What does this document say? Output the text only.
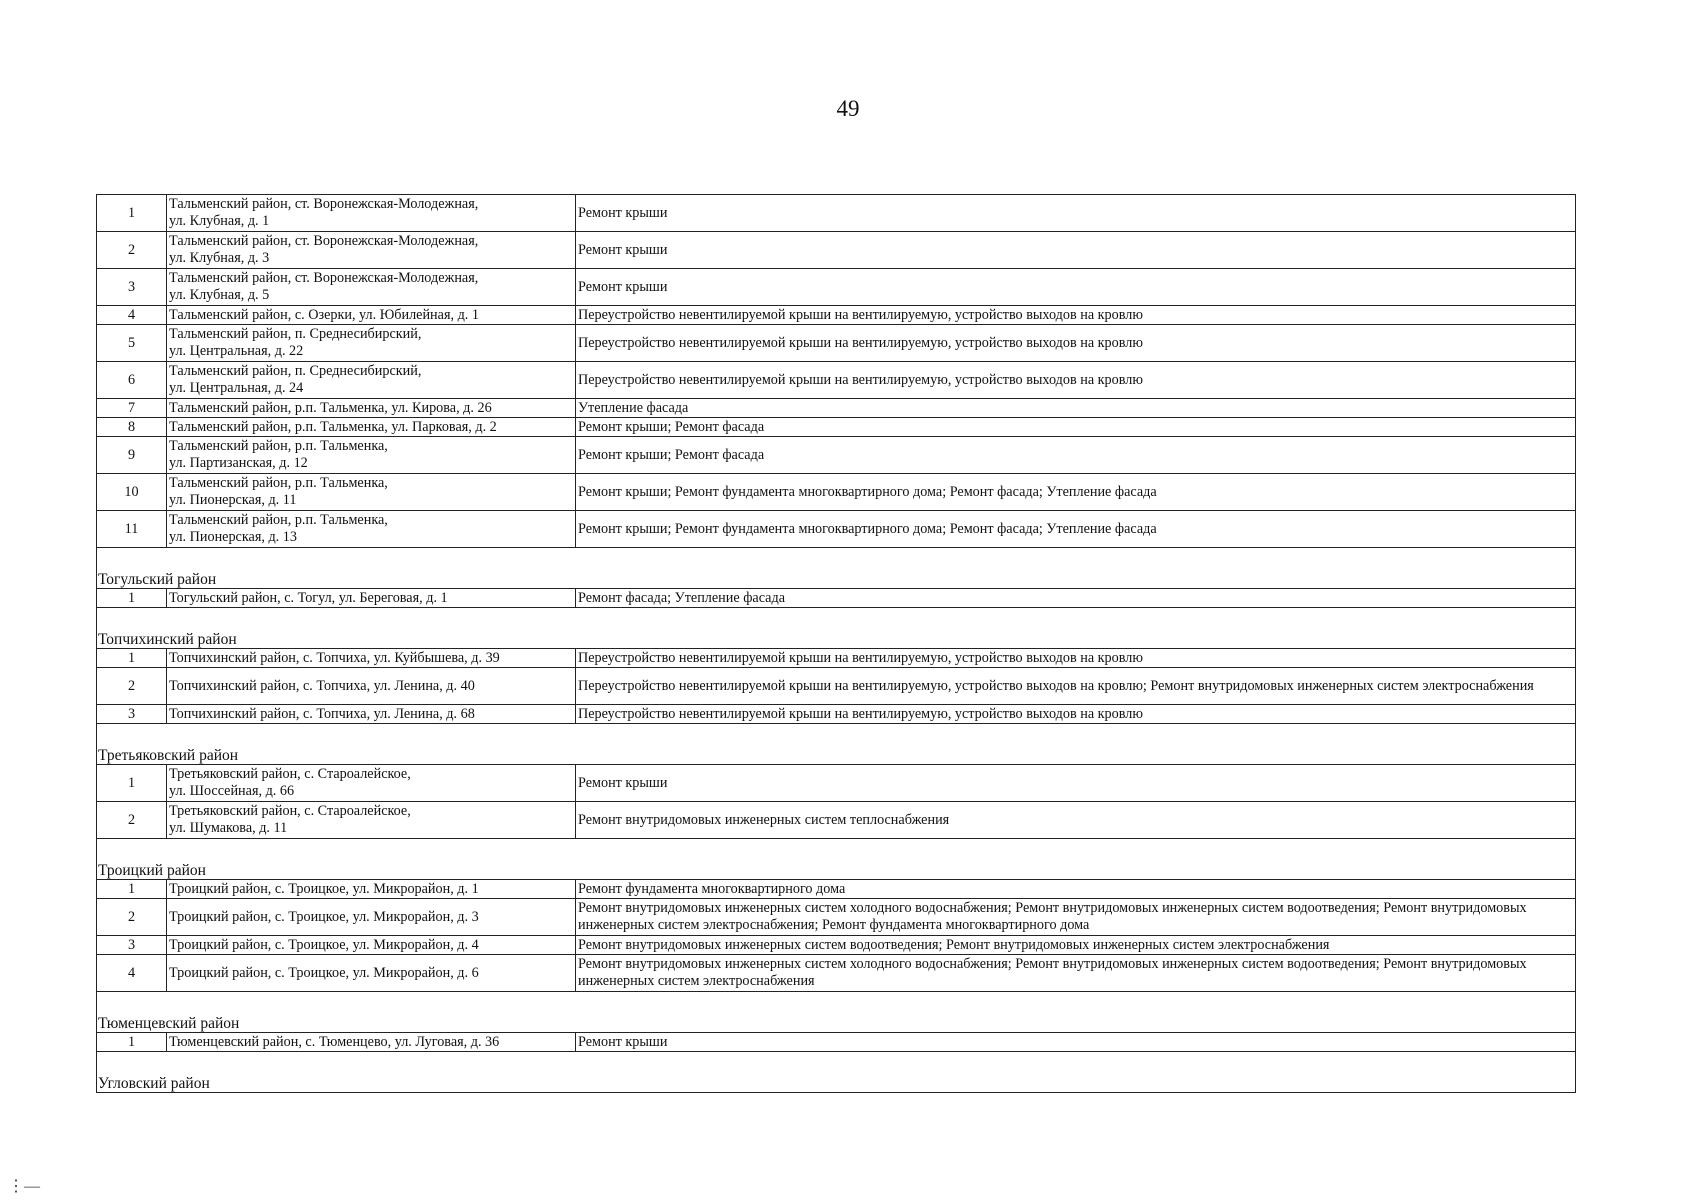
49
1	Тальменский район, ст. Воронежская-Молодежная,
ул. Клубная, д. 1	Ремонт крыши
2	Тальменский район, ст. Воронежская-Молодежная,
ул. Клубная, д. 3	Ремонт крыши
3	Тальменский район, ст. Воронежская-Молодежная,
ул. Клубная, д. 5	Ремонт крыши
4	Тальменский район, с. Озерки, ул. Юбилейная, д. 1	Переустройство невентилируемой крыши на вентилируемую, устройство выходов на кровлю
5	Тальменский район, п. Среднесибирский,
ул. Центральная, д. 22	Переустройство невентилируемой крыши на вентилируемую, устройство выходов на кровлю
6	Тальменский район, п. Среднесибирский,
ул. Центральная, д. 24	Переустройство невентилируемой крыши на вентилируемую, устройство выходов на кровлю
7	Тальменский район, р.п. Тальменка, ул. Кирова, д. 26	Утепление фасада
8	Тальменский район, р.п. Тальменка, ул. Парковая, д. 2	Ремонт крыши; Ремонт фасада
9	Тальменский район, р.п. Тальменка,
ул. Партизанская, д. 12	Ремонт крыши; Ремонт фасада
10	Тальменский район, р.п. Тальменка,
ул. Пионерская, д. 11	Ремонт крыши; Ремонт фундамента многоквартирного дома; Ремонт фасада; Утепление фасада
11	Тальменский район, р.п. Тальменка,
ул. Пионерская, д. 13	Ремонт крыши; Ремонт фундамента многоквартирного дома; Ремонт фасада; Утепление фасада
Тогульский район		
1	Тогульский район, с. Тогул, ул. Береговая, д. 1	Ремонт фасада; Утепление фасада
Топчихинский район		
1	Топчихинский район, с. Топчиха, ул. Куйбышева, д. 39	Переустройство невентилируемой крыши на вентилируемую, устройство выходов на кровлю
2	Топчихинский район, с. Топчиха, ул. Ленина, д. 40	Переустройство невентилируемой крыши на вентилируемую, устройство выходов на кровлю; Ремонт внутридомовых инженерных систем электроснабжения
3	Топчихинский район, с. Топчиха, ул. Ленина, д. 68	Переустройство невентилируемой крыши на вентилируемую, устройство выходов на кровлю
Третьяковский район		
1	Третьяковский район, с. Староалейское,
ул. Шоссейная, д. 66	Ремонт крыши
2	Третьяковский район, с. Староалейское,
ул. Шумакова, д. 11	Ремонт внутридомовых инженерных систем теплоснабжения
Троицкий район		
1	Троицкий район, с. Троицкое, ул. Микрорайон, д. 1	Ремонт фундамента многоквартирного дома
2	Троицкий район, с. Троицкое, ул. Микрорайон, д. 3	Ремонт внутридомовых инженерных систем холодного водоснабжения; Ремонт внутридомовых инженерных систем водоотведения; Ремонт внутридомовых инженерных систем электроснабжения; Ремонт фундамента многоквартирного дома
3	Троицкий район, с. Троицкое, ул. Микрорайон, д. 4	Ремонт внутридомовых инженерных систем водоотведения; Ремонт внутридомовых инженерных систем электроснабжения
4	Троицкий район, с. Троицкое, ул. Микрорайон, д. 6	Ремонт внутридомовых инженерных систем холодного водоснабжения; Ремонт внутридомовых инженерных систем водоотведения; Ремонт внутридомовых инженерных систем электроснабжения
Тюменцевский район		
1	Тюменцевский район, с. Тюменцево, ул. Луговая, д. 36	Ремонт крыши
Угловский район		
⋮—
